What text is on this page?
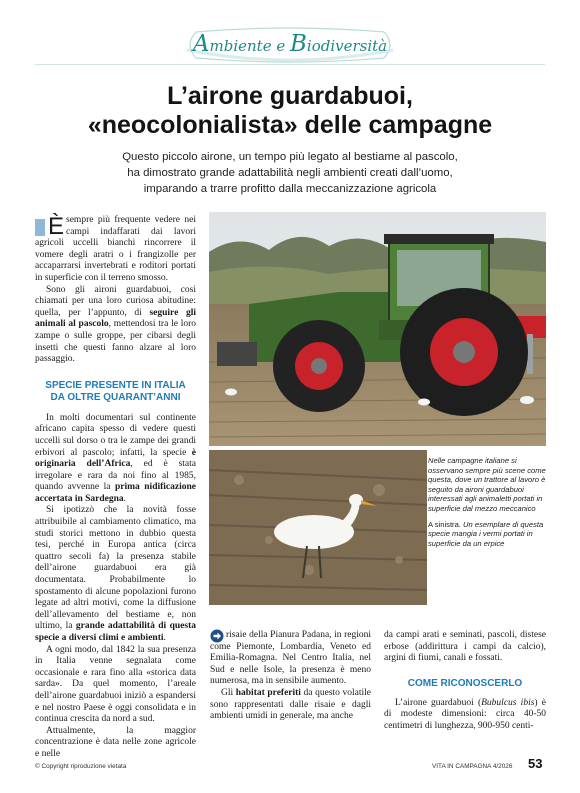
Ambiente e Biodiversità
L’airone guardabuoi,
«neocolonialista» delle campagne
Questo piccolo airone, un tempo più legato al bestiame al pascolo,
ha dimostrato grande adattabilità negli ambienti creati dall’uomo,
imparando a trarre profitto dalla meccanizzazione agricola

Èsempre più frequente vedere nei campi indaffarati dai lavori agricoli uccelli bianchi rincorrere il vomere degli aratri o i frangizolle per accaparrarsi invertebrati e roditori portati in superficie con il terreno smosso.

Sono gli aironi guardabuoi, così chiamati per una loro curiosa abitudine: quella, per l’appunto, di seguire gli animali al pascolo, mettendosi tra le loro zampe o sulle groppe, per cibarsi degli insetti che questi fanno alzare al loro passaggio.

SPECIE PRESENTE IN ITALIA
DA OLTRE QUARANT’ANNI

In molti documentari sul continente africano capita spesso di vedere questi uccelli sul dorso o tra le zampe dei grandi erbivori al pascolo; infatti, la specie è originaria dell’Africa, ed è stata irregolare e rara da noi fino al 1985, quando avvenne la prima nidificazione accertata in Sardegna.

Si ipotizzò che la novità fosse attribuibile al cambiamento climatico, ma studi storici mettono in dubbio questa tesi, perché in Europa antica (circa quattro secoli fa) la presenza stabile dell’airone guardabuoi era già documentata. Probabilmente lo spostamento di alcune popolazioni furono legate ad altri motivi, come la diffusione dell’allevamento del bestiame e, non ultimo, la grande adattabilità di questa specie a diversi climi e ambienti.

A ogni modo, dal 1842 la sua presenza in Italia venne segnalata come occasionale e rara fino alla «storica data sarda». Da quel momento, l’areale dell’airone guardabuoi iniziò a espandersi e nel nostro Paese è oggi consolidata e in continua crescita da nord a sud.

Attualmente, la maggior concentrazione è data nelle zone agricole e nelle

Nelle campagne italiane si osservano sempre più scene come questa, dove un trattore al lavoro è seguito da aironi guardabuoi interessati agli animaletti portati in superficie dal mezzo meccanico

A sinistra. Un esemplare di questa specie mangia i vermi portati in superficie da un erpice

risaie della Pianura Padana, in regioni come Piemonte, Lombardia, Veneto ed Emilia-Romagna. Nel Centro Italia, nel Sud e nelle Isole, la presenza è meno numerosa, ma in sensibile aumento.

Gli habitat preferiti da questo volatile sono rappresentati dalle risaie e dagli ambienti umidi in generale, ma anche

da campi arati e seminati, pascoli, distese erbose (addirittura i campi da calcio), argini di fiumi, canali e fossati.

COME RICONOSCERLO

L’airone guardabuoi (Bubulcus ibis) è di modeste dimensioni: circa 40-50 centimetri di lunghezza, 900-950 centi-

© Copyright riproduzione vietata	VITA IN CAMPAGNA 4/2026 53
